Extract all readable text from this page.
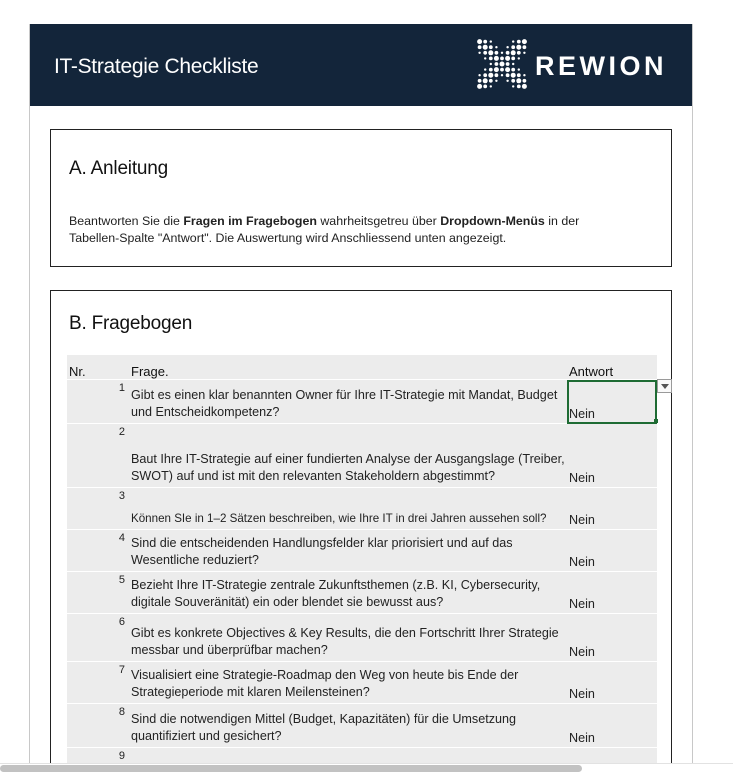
IT-Strategie Checkliste	REWION
A. Anleitung
Beantworten Sie die Fragen im Fragebogen wahrheitsgetreu über Dropdown-Menüs in der Tabellen-Spalte "Antwort". Die Auswertung wird Anschliessend unten angezeigt.
B. Fragebogen
Nr.	Frage.	Antwort
1	Gibt es einen klar benannten Owner für Ihre IT-Strategie mit Mandat, Budget und Entscheidkompetenz?	Nein
2	Baut Ihre IT-Strategie auf einer fundierten Analyse der Ausgangslage (Treiber, SWOT) auf und ist mit den relevanten Stakeholdern abgestimmt?	Nein
3	Können SIe in 1–2 Sätzen beschreiben, wie Ihre IT in drei Jahren aussehen soll?	Nein
4	Sind die entscheidenden Handlungsfelder klar priorisiert und auf das Wesentliche reduziert?	Nein
5	Bezieht Ihre IT-Strategie zentrale Zukunftsthemen (z.B. KI, Cybersecurity, digitale Souveränität) ein oder blendet sie bewusst aus?	Nein
6	Gibt es konkrete Objectives & Key Results, die den Fortschritt Ihrer Strategie messbar und überprüfbar machen?	Nein
7	Visualisiert eine Strategie-Roadmap den Weg von heute bis Ende der Strategieperiode mit klaren Meilensteinen?	Nein
8	Sind die notwendigen Mittel (Budget, Kapazitäten) für die Umsetzung quantifiziert und gesichert?	Nein
9		
